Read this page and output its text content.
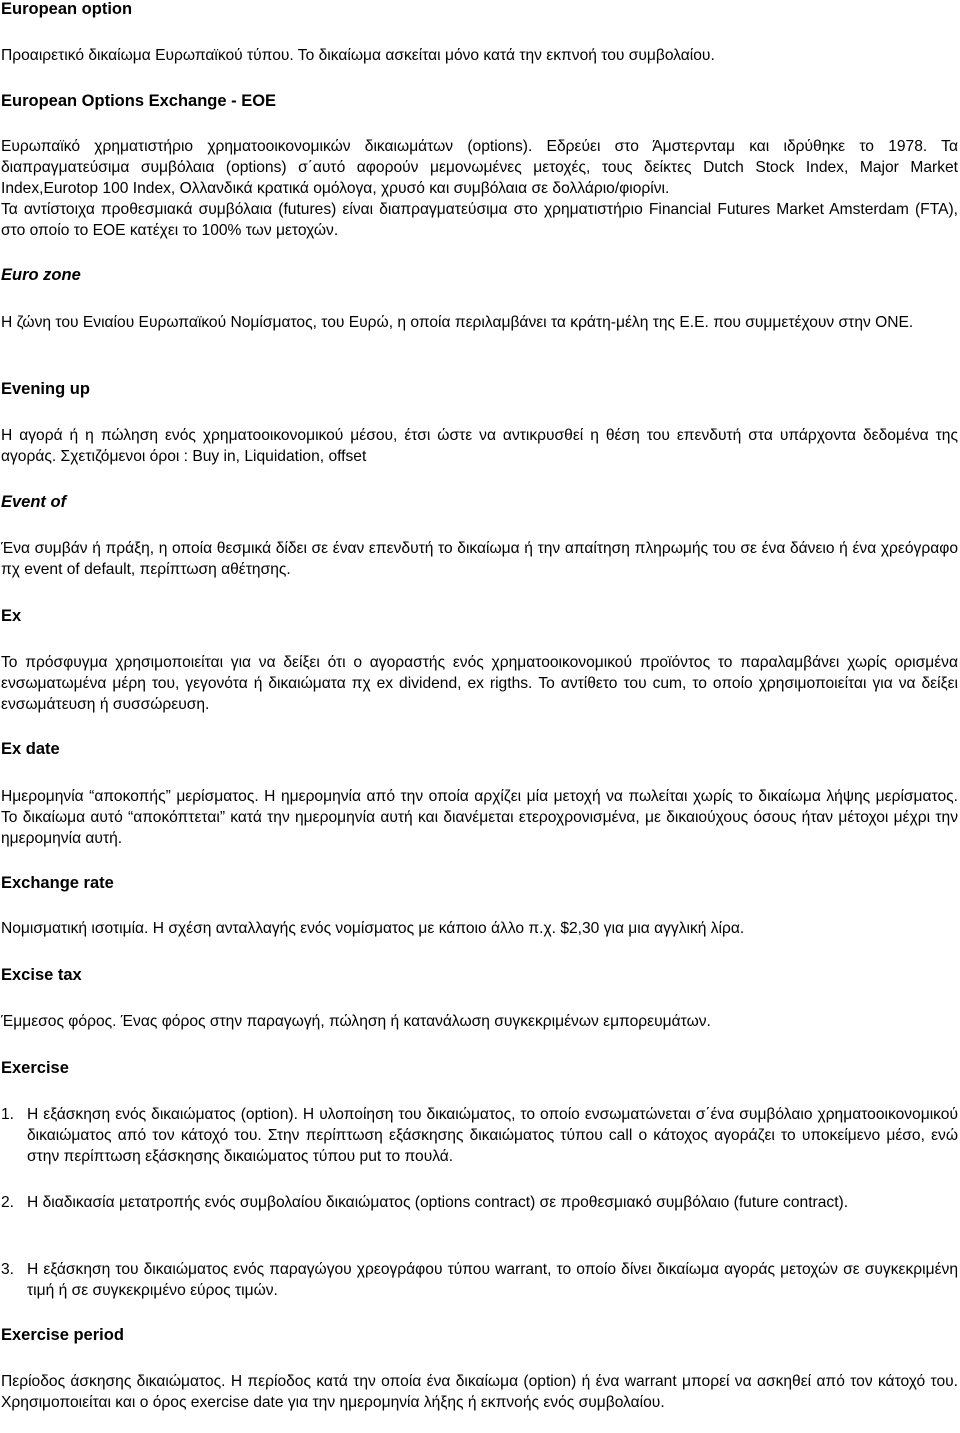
European option
Προαιρετικό δικαίωμα Ευρωπαϊκού τύπου. Το δικαίωμα ασκείται μόνο κατά την εκπνοή του συμβολαίου.
European Options Exchange - EOE

Ευρωπαϊκό χρηματιστήριο χρηματοοικονομικών δικαιωμάτων (options). Εδρεύει στο Άμστερνταμ και ιδρύθηκε το 1978. Τα διαπραγματεύσιμα συμβόλαια (options) σ΄αυτό αφορούν μεμονωμένες μετοχές, τους δείκτες Dutch Stock Index, Major Market Index,Eurotop 100 Index, Ολλανδικά κρατικά ομόλογα, χρυσό και συμβόλαια σε δολλάριο/φιορίνι.

Τα αντίστοιχα προθεσμιακά συμβόλαια (futures) είναι διαπραγματεύσιμα στο χρηματιστήριο Financial Futures Market Amsterdam (FTA), στο οποίο το EOE κατέχει το 100% των μετοχών.

Euro zone
Η ζώνη του Ενιαίου Ευρωπαϊκού Νομίσματος, του Ευρώ, η οποία περιλαμβάνει τα κράτη-μέλη της Ε.Ε. που συμμετέχουν στην ΟΝΕ.
Evening up
Η αγορά ή η πώληση ενός χρηματοοικονομικού μέσου, έτσι ώστε να αντικρυσθεί η θέση του επενδυτή στα υπάρχοντα δεδομένα της αγοράς. Σχετιζόμενοι όροι : Buy in, Liquidation, offset
Event of
Ένα συμβάν ή πράξη, η οποία θεσμικά δίδει σε έναν επενδυτή το δικαίωμα ή την απαίτηση πληρωμής του σε ένα δάνειο ή ένα χρεόγραφο πχ event of default, περίπτωση αθέτησης.
Ex
Το πρόσφυγμα χρησιμοποιείται για να δείξει ότι ο αγοραστής ενός χρηματοοικονομικού προϊόντος το παραλαμβάνει χωρίς ορισμένα ενσωματωμένα μέρη του, γεγονότα ή δικαιώματα πχ ex dividend, ex rigths. Το αντίθετο του cum, το οποίο χρησιμοποιείται για να δείξει ενσωμάτευση ή συσσώρευση.
Ex date
Ημερομηνία “αποκοπής” μερίσματος. Η ημερομηνία από την οποία αρχίζει μία μετοχή να πωλείται χωρίς το δικαίωμα λήψης μερίσματος. Το δικαίωμα αυτό “αποκόπτεται” κατά την ημερομηνία αυτή και διανέμεται ετεροχρονισμένα, με δικαιούχους όσους ήταν μέτοχοι μέχρι την ημερομηνία αυτή.
Exchange rate
Νομισματική ισοτιμία. Η σχέση ανταλλαγής ενός νομίσματος με κάποιο άλλο π.χ. $2,30 για μια αγγλική λίρα.
Excise tax
Έμμεσος φόρος. Ένας φόρος στην παραγωγή, πώληση ή κατανάλωση συγκεκριμένων εμπορευμάτων.
Exercise
1. Η εξάσκηση ενός δικαιώματος (option). Η υλοποίηση του δικαιώματος, το οποίο ενσωματώνεται σ΄ένα συμβόλαιο χρηματοοικονομικού δικαιώματος από τον κάτοχό του. Στην περίπτωση εξάσκησης δικαιώματος τύπου call ο κάτοχος αγοράζει το υποκείμενο μέσο, ενώ στην περίπτωση εξάσκησης δικαιώματος τύπου put το πουλά.
2. Η διαδικασία μετατροπής ενός συμβολαίου δικαιώματος (options contract) σε προθεσμιακό συμβόλαιο (future contract).
3. Η εξάσκηση του δικαιώματος ενός παραγώγου χρεογράφου τύπου warrant, το οποίο δίνει δικαίωμα αγοράς μετοχών σε συγκεκριμένη τιμή ή σε συγκεκριμένο εύρος τιμών.
Exercise period
Περίοδος άσκησης δικαιώματος. Η περίοδος κατά την οποία ένα δικαίωμα (option) ή ένα warrant μπορεί να ασκηθεί από τον κάτοχό του. Χρησιμοποιείται και ο όρος exercise date για την ημερομηνία λήξης ή εκπνοής ενός συμβολαίου.
